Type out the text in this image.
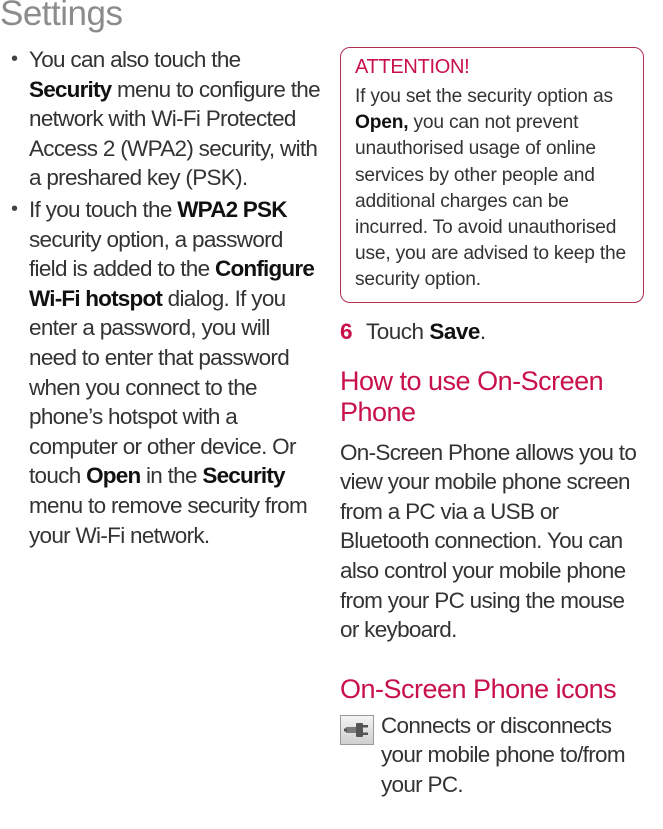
Settings
• You can also touch the Security menu to configure the network with Wi-Fi Protected Access 2 (WPA2) security, with a preshared key (PSK).
• If you touch the WPA2 PSK security option, a password field is added to the Configure Wi-Fi hotspot dialog. If you enter a password, you will need to enter that password when you connect to the phone’s hotspot with a computer or other device. Or touch Open in the Security menu to remove security from your Wi-Fi network.
ATTENTION!
If you set the security option as Open, you can not prevent unauthorised usage of online services by other people and additional charges can be incurred. To avoid unauthorised use, you are advised to keep the security option.
6 Touch Save.
How to use On-Screen Phone
On-Screen Phone allows you to view your mobile phone screen from a PC via a USB or Bluetooth connection. You can also control your mobile phone from your PC using the mouse or keyboard.
On-Screen Phone icons
Connects or disconnects your mobile phone to/from your PC.
